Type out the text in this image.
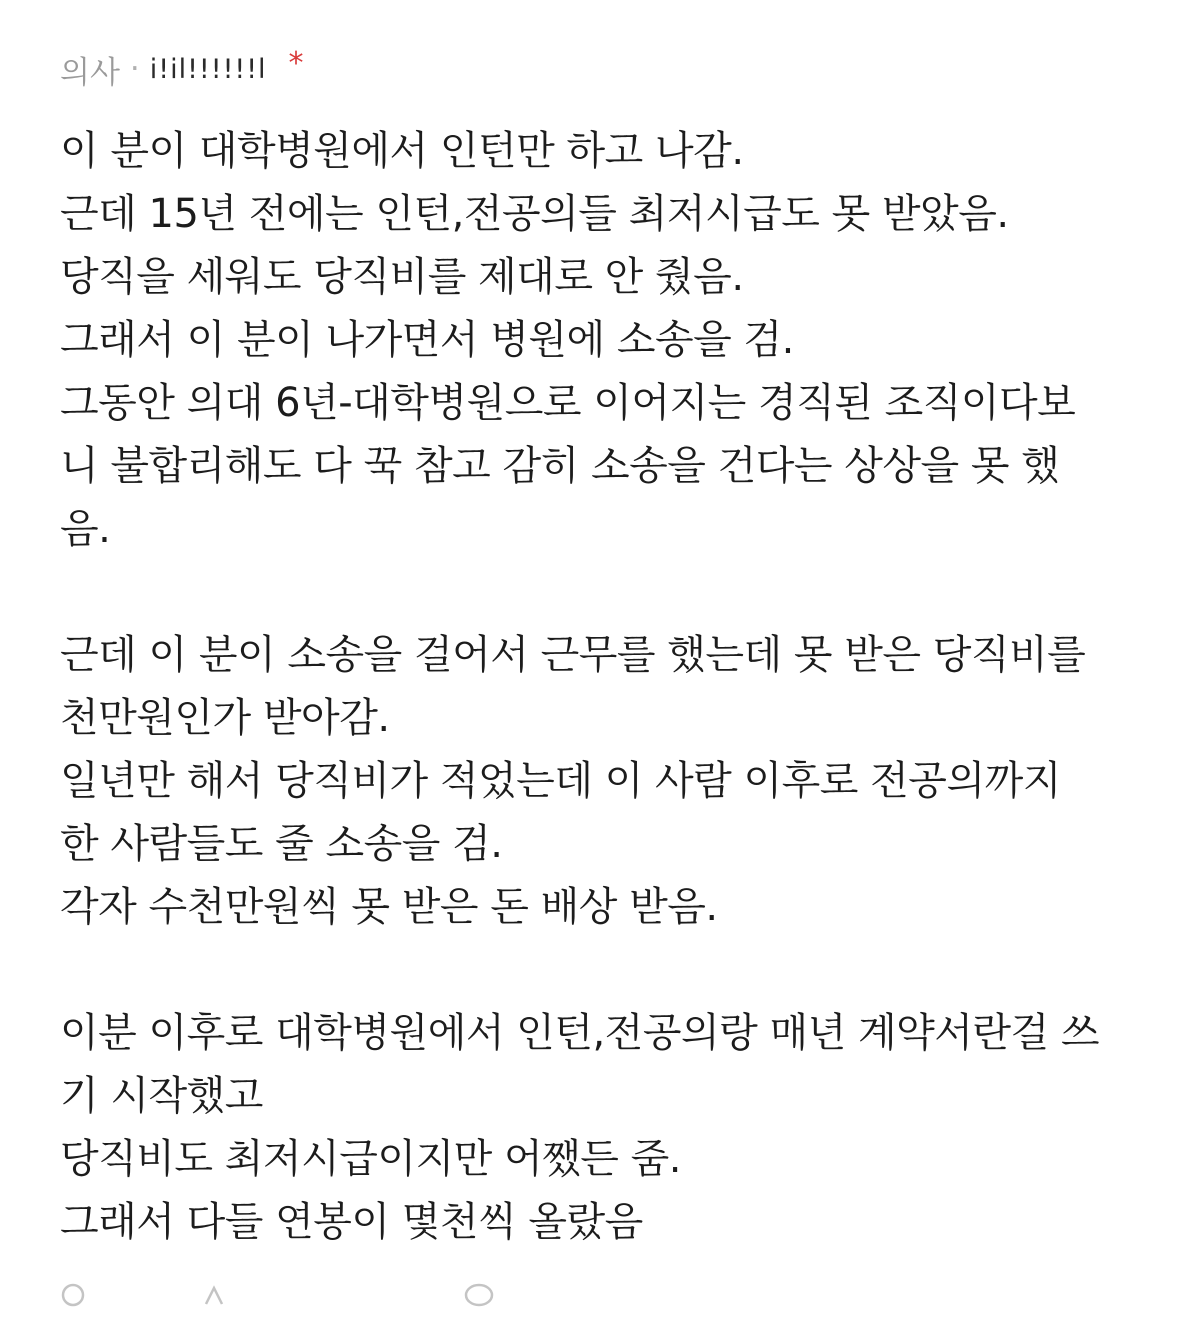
의사 · i!il!!!!!!l *

이 분이 대학병원에서 인턴만 하고 나감.
근데 15년 전에는 인턴,전공의들 최저시급도 못 받았음.
당직을 세워도 당직비를 제대로 안 줬음.
그래서 이 분이 나가면서 병원에 소송을 검.
그동안 의대 6년-대학병원으로 이어지는 경직된 조직이다보
니 불합리해도 다 꾹 참고 감히 소송을 건다는 상상을 못 했
음.

근데 이 분이 소송을 걸어서 근무를 했는데 못 받은 당직비를
천만원인가 받아감.
일년만 해서 당직비가 적었는데 이 사람 이후로 전공의까지
한 사람들도 줄 소송을 검.
각자 수천만원씩 못 받은 돈 배상 받음.

이분 이후로 대학병원에서 인턴,전공의랑 매년 계약서란걸 쓰
기 시작했고
당직비도 최저시급이지만 어쨌든 줌.
그래서 다들 연봉이 몇천씩 올랐음
